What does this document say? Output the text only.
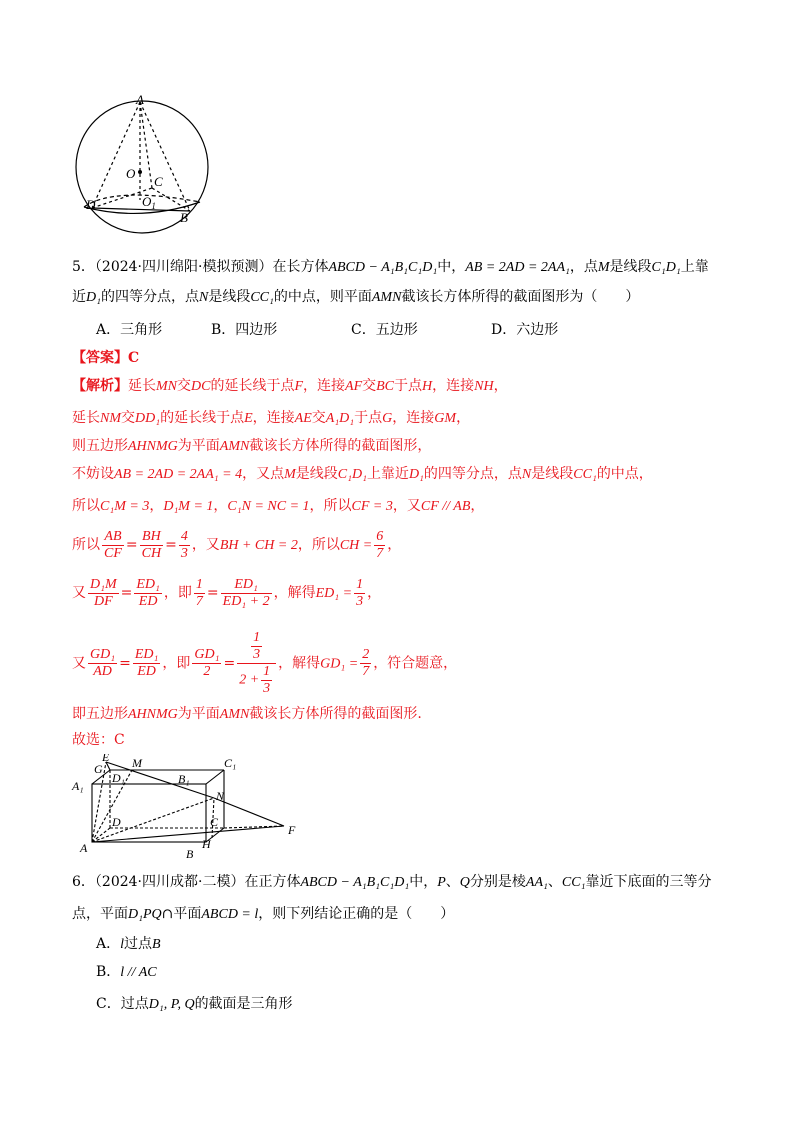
A
O
C
D	$O_1$
B
5．（2024·四川绵阳·模拟预测）在长方体ABCD − A₁B₁C₁D₁中，AB = 2AD = 2AA₁，点M是线段C₁D₁上靠
近D₁的四等分点，点N是线段CC₁的中点，则平面AMN截该长方体所得的截面图形为（　　）
A．三角形	B．四边形	C．五边形	D．六边形
【答案】C
【解析】延长MN交DC的延长线于点F，连接AF交BC于点H，连接NH，
延长NM交DD₁的延长线于点E，连接AE交A₁D₁于点G，连接GM，
则五边形AHNMG为平面AMN截该长方体所得的截面图形，
不妨设AB = 2AD = 2AA₁ = 4，又点M是线段C₁D₁上靠近D₁的四等分点，点N是线段CC₁的中点，
所以C₁M = 3，D₁M = 1，C₁N = NC = 1，所以CF = 3，又CF // AB，
所以 $\frac{AB}{CF} = \frac{BH}{CH} = \frac{4}{3}$ ，又BH + CH = 2，所以CH = $\frac{6}{7}$ ，
又 $\frac{\text{D₁M}}{DF} = \frac{\text{ED₁}}{ED}$ ，即 $\frac{1}{7} = \frac{\text{ED₁}}{\text{ED₁ + 2}}$ ，解得$ED_1 = \frac{1}{3}$ ，
又 $\frac{\text{GD₁}}{AD} = \frac{\text{ED₁}}{ED}$ ，即 $\frac{\text{GD₁}}{2} = \frac{\frac{1}{3}}{2 + \frac{1}{3}}$ ，解得$GD_1 = \frac{2}{7}$ ，符合题意，
即五边形AHNMG为平面AMN截该长方体所得的截面图形.
故选：C
E
G M
D₁	B₁
C₁
A₁
N
D	C
F
A	H
B
6．（2024·四川成都·二模）在正方体ABCD − A₁B₁C₁D₁中，P、Q分别是棱AA₁、CC₁靠近下底面的三等分
点，平面D₁PQ∩平面ABCD = l，则下列结论正确的是（　　）
A．l过点B
B．l // AC
C．过点D₁, P, Q的截面是三角形
